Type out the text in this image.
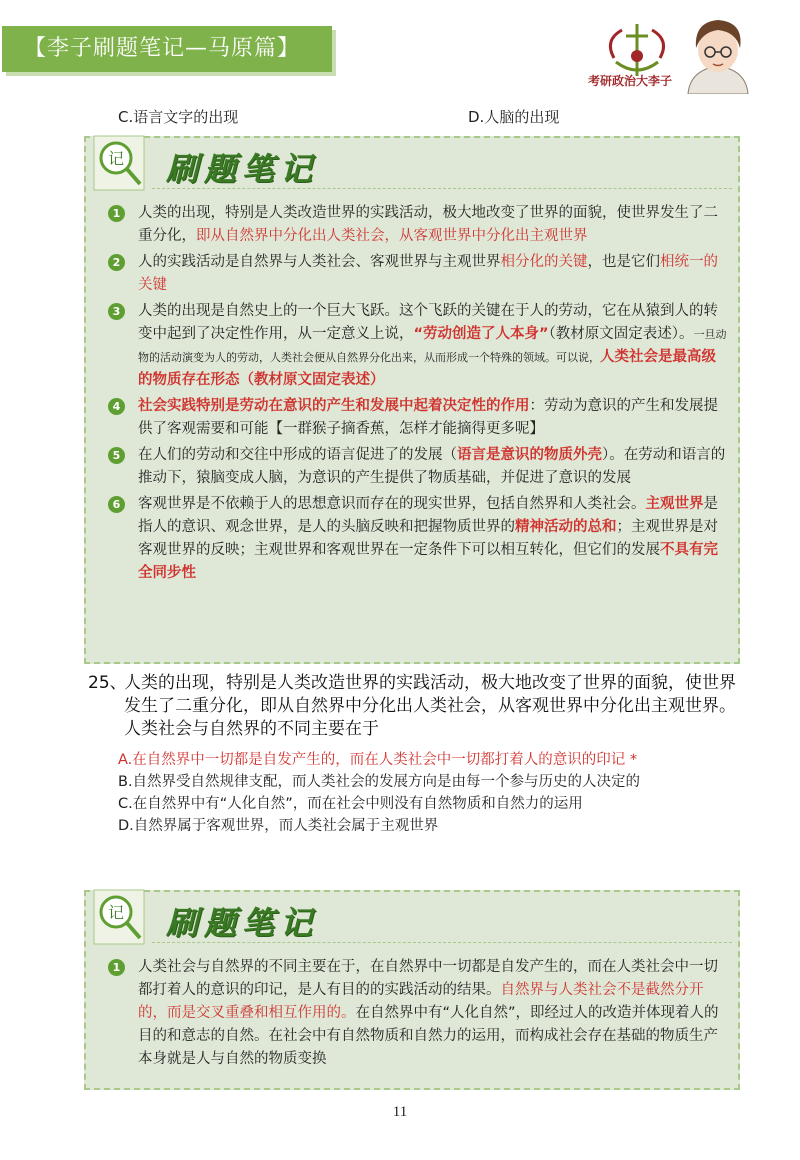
【李子刷题笔记—马原篇】
考研政治大李子
C.语言文字的出现	D.人脑的出现
记 刷题笔记
1	人类的出现，特别是人类改造世界的实践活动，极大地改变了世界的面貌，使世界发生了二重分化，即从自然界中分化出人类社会，从客观世界中分化出主观世界
2	人的实践活动是自然界与人类社会、客观世界与主观世界相分化的关键，也是它们相统一的关键
3	人类的出现是自然史上的一个巨大飞跃。这个飞跃的关键在于人的劳动，它在从猿到人的转变中起到了决定性作用，从一定意义上说，“劳动创造了人本身”（教材原文固定表述）。一旦动物的活动演变为人的劳动，人类社会便从自然界分化出来，从而形成一个特殊的领域。可以说，人类社会是最高级的物质存在形态（教材原文固定表述）
4	社会实践特别是劳动在意识的产生和发展中起着决定性的作用：劳动为意识的产生和发展提供了客观需要和可能【一群猴子摘香蕉，怎样才能摘得更多呢】
5	在人们的劳动和交往中形成的语言促进了的发展（语言是意识的物质外壳）。在劳动和语言的推动下，猿脑变成人脑，为意识的产生提供了物质基础，并促进了意识的发展
6	客观世界是不依赖于人的思想意识而存在的现实世界，包括自然界和人类社会。主观世界是指人的意识、观念世界，是人的头脑反映和把握物质世界的精神活动的总和；主观世界是对客观世界的反映；主观世界和客观世界在一定条件下可以相互转化，但它们的发展不具有完全同步性
25、
人类的出现，特别是人类改造世界的实践活动，极大地改变了世界的面貌，使世界发生了二重分化，即从自然界中分化出人类社会，从客观世界中分化出主观世界。人类社会与自然界的不同主要在于
A.在自然界中一切都是自发产生的，而在人类社会中一切都打着人的意识的印记 *
B.自然界受自然规律支配，而人类社会的发展方向是由每一个参与历史的人决定的
C.在自然界中有“人化自然”，而在社会中则没有自然物质和自然力的运用
D.自然界属于客观世界，而人类社会属于主观世界
记 刷题笔记
1	人类社会与自然界的不同主要在于，在自然界中一切都是自发产生的，而在人类社会中一切都打着人的意识的印记，是人有目的的实践活动的结果。自然界与人类社会不是截然分开的，而是交叉重叠和相互作用的。在自然界中有“人化自然”，即经过人的改造并体现着人的目的和意志的自然。在社会中有自然物质和自然力的运用，而构成社会存在基础的物质生产本身就是人与自然的物质变换
11
